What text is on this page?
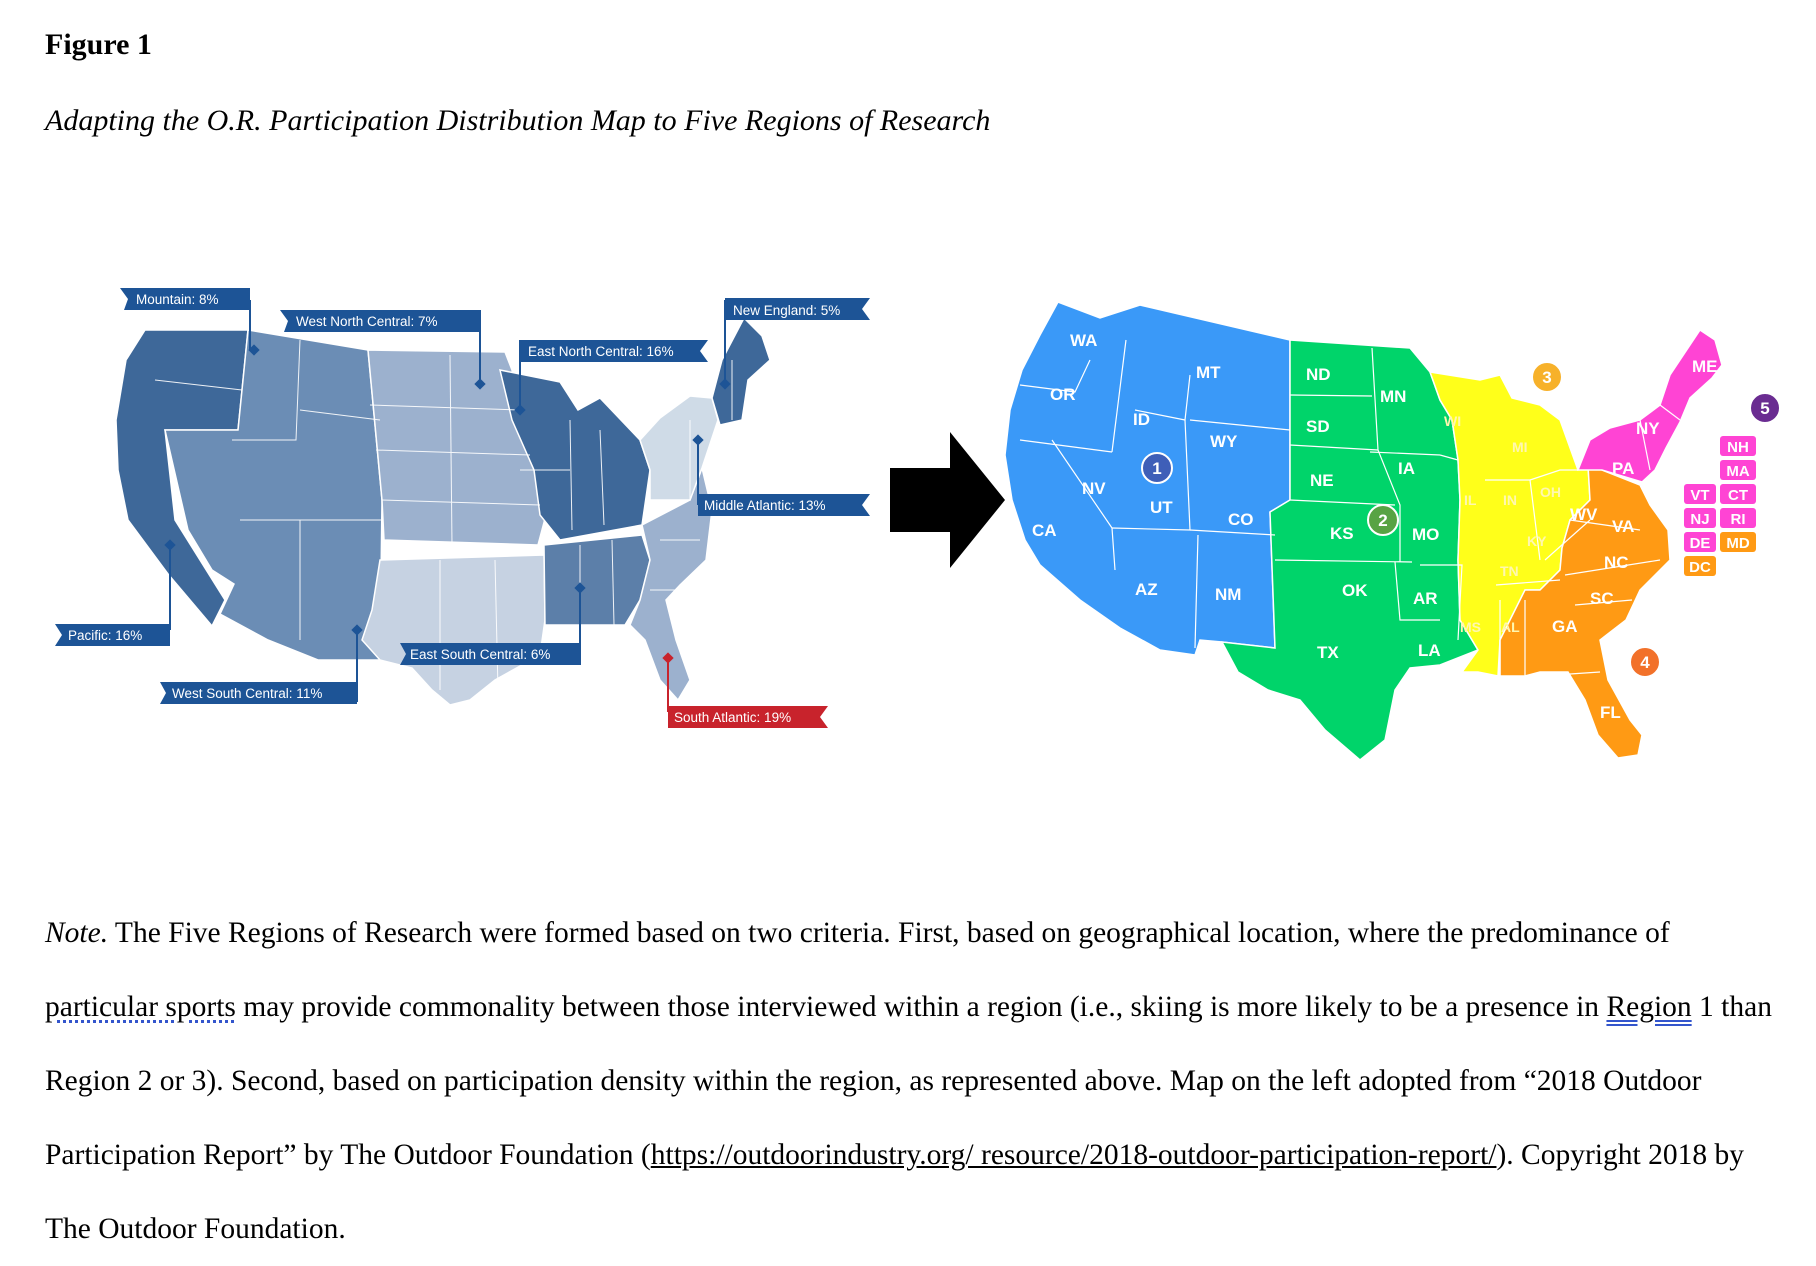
Figure 1
Adapting the O.R. Participation Distribution Map to Five Regions of Research
Mountain: 8%
West North Central: 7%
East North Central: 16%
New England: 5%
Middle Atlantic: 13%
Pacific: 16%
East South Central: 6%
West South Central: 11%
South Atlantic: 19%
WA
OR
CA
ID
NV
MT
WY
UT
CO
AZ	NM
ND
SD
NE
KS
OK
TX
MN
IA
MO
AR
LA
WI
MI
IL IN OH
KY
TN
MS AL
WV
VA
NC
SC
GA
FL
ME
NY
PA
NH
MA
VT CT
NJ RI
DE MD
DC
1
2
3
4
5
Note. The Five Regions of Research were formed based on two criteria. First, based on geographical location, where the predominance of particular sports may provide commonality between those interviewed within a region (i.e., skiing is more likely to be a presence in Region 1 than Region 2 or 3). Second, based on participation density within the region, as represented above. Map on the left adopted from “2018 Outdoor Participation Report” by The Outdoor Foundation (https://outdoorindustry.org/ resource/2018-outdoor-participation-report/). Copyright 2018 by The Outdoor Foundation.
